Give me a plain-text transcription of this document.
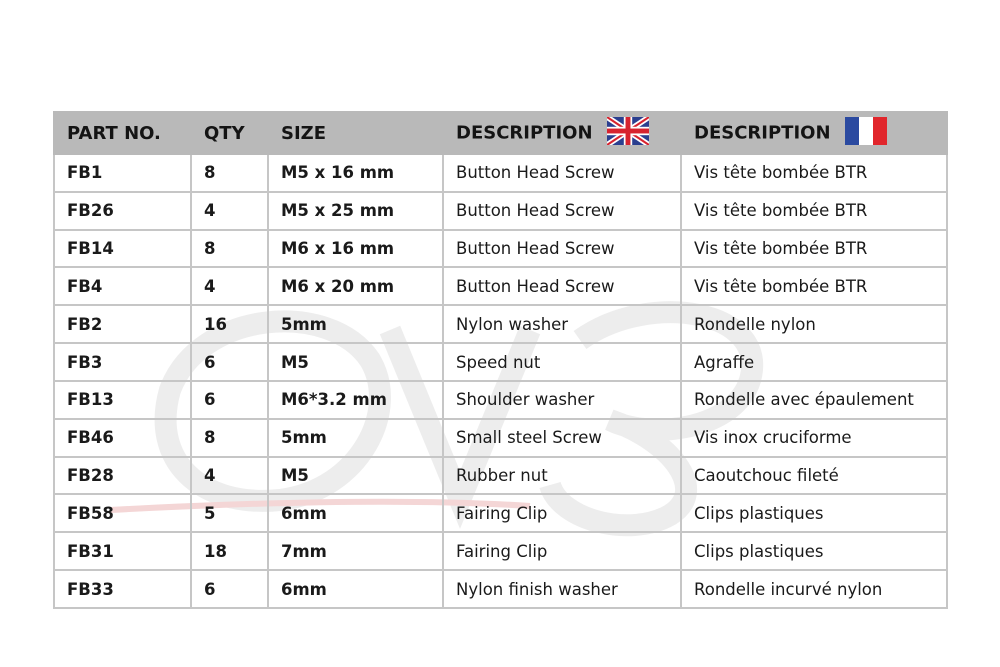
PART NO.	QTY	SIZE	DESCRIPTION	DESCRIPTION
FB1	8	M5 x 16 mm	Button Head Screw	Vis tête bombée BTR
FB26	4	M5 x 25 mm	Button Head Screw	Vis tête bombée BTR
FB14	8	M6 x 16 mm	Button Head Screw	Vis tête bombée BTR
FB4	4	M6 x 20 mm	Button Head Screw	Vis tête bombée BTR
FB2	16	5mm	Nylon washer	Rondelle nylon
FB3	6	M5	Speed nut	Agraffe
FB13	6	M6*3.2 mm	Shoulder washer	Rondelle avec épaulement
FB46	8	5mm	Small steel Screw	Vis inox cruciforme
FB28	4	M5	Rubber nut	Caoutchouc fileté
FB58	5	6mm	Fairing Clip	Clips plastiques
FB31	18	7mm	Fairing Clip	Clips plastiques
FB33	6	6mm	Nylon finish washer	Rondelle incurvé nylon
